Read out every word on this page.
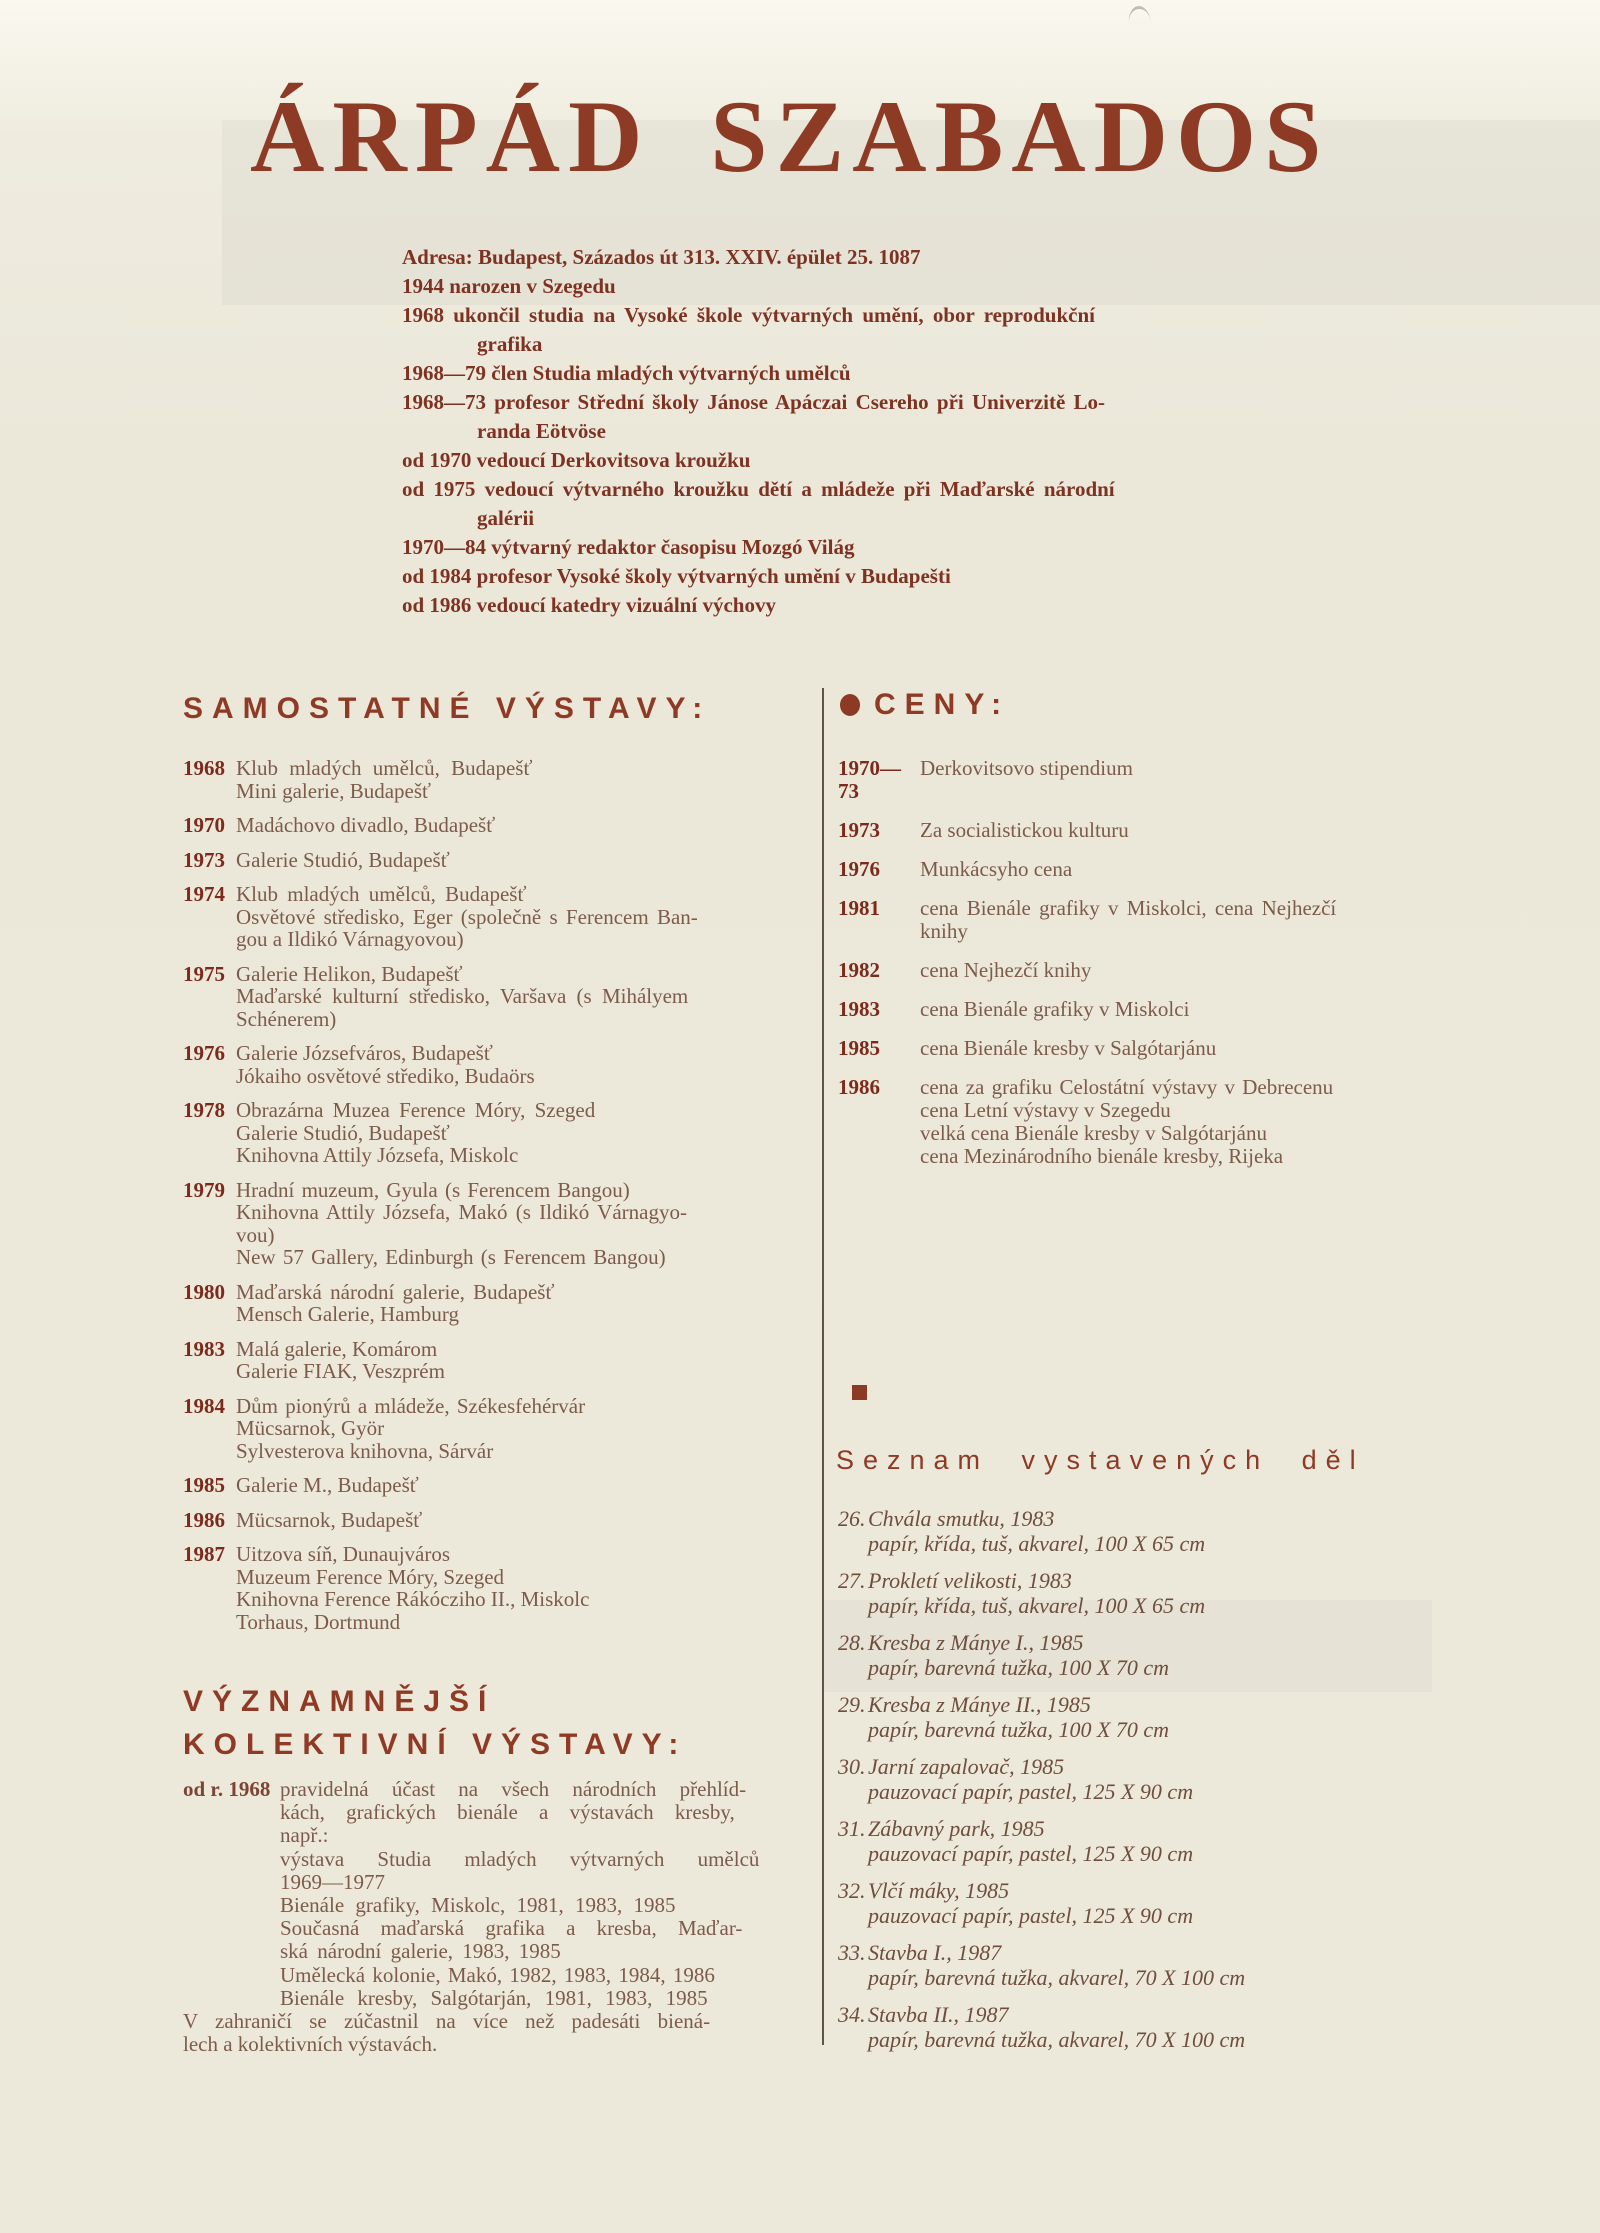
ÁRPÁD SZABADOS
Adresa: Budapest, Százados út 313. XXIV. épület 25. 1087
1944 narozen v Szegedu
1968 ukončil studia na Vysoké škole výtvarných umění, obor reprodukční
grafika
1968—79 člen Studia mladých výtvarných umělců
1968—73 profesor Střední školy Jánose Apáczai Csereho při Univerzitě Lo-
randa Eötvöse
od 1970 vedoucí Derkovitsova kroužku
od 1975 vedoucí výtvarného kroužku dětí a mládeže při Maďarské národní
galérii
1970—84 výtvarný redaktor časopisu Mozgó Világ
od 1984 profesor Vysoké školy výtvarných umění v Budapešti
od 1986 vedoucí katedry vizuální výchovy
SAMOSTATNÉ VÝSTAVY:
1968 Klub mladých umělců, Budapešť
Mini galerie, Budapešť
1970 Madáchovo divadlo, Budapešť
1973 Galerie Studió, Budapešť
1974 Klub mladých umělců, Budapešť
Osvětové středisko, Eger (společně s Ferencem Ban-
gou a Ildikó Várnagyovou)
1975 Galerie Helikon, Budapešť
Maďarské kulturní středisko, Varšava (s Mihályem
Schénerem)
1976 Galerie Józsefváros, Budapešť
Jókaiho osvětové střediko, Budaörs
1978 Obrazárna Muzea Ference Móry, Szeged
Galerie Studió, Budapešť
Knihovna Attily Józsefa, Miskolc
1979 Hradní muzeum, Gyula (s Ferencem Bangou)
Knihovna Attily Józsefa, Makó (s Ildikó Várnagyo-
vou)
New 57 Gallery, Edinburgh (s Ferencem Bangou)
1980 Maďarská národní galerie, Budapešť
Mensch Galerie, Hamburg
1983 Malá galerie, Komárom
Galerie FIAK, Veszprém
1984 Dům pionýrů a mládeže, Székesfehérvár
Mücsarnok, Györ
Sylvesterova knihovna, Sárvár
1985 Galerie M., Budapešť
1986 Mücsarnok, Budapešť
1987 Uitzova síň, Dunaujváros
Muzeum Ference Móry, Szeged
Knihovna Ference Rákócziho II., Miskolc
Torhaus, Dortmund
VÝZNAMNĚJŠÍ
KOLEKTIVNÍ VÝSTAVY:
od r. 1968 pravidelná účast na všech národních přehlíd-
kách, grafických bienále a výstavách kresby,
např.:
výstava Studia mladých výtvarných umělců
1969—1977
Bienále grafiky, Miskolc, 1981, 1983, 1985
Současná maďarská grafika a kresba, Maďar-
ská národní galerie, 1983, 1985
Umělecká kolonie, Makó, 1982, 1983, 1984, 1986
Bienále kresby, Salgótarján, 1981, 1983, 1985
V zahraničí se zúčastnil na více než padesáti biená-
lech a kolektivních výstavách.
CENY:
1970—73
Derkovitsovo stipendium
1973	Za socialistickou kulturu
1976	Munkácsyho cena
1981	cena Bienále grafiky v Miskolci, cena Nejhezčí
knihy
1982	cena Nejhezčí knihy
1983	cena Bienále grafiky v Miskolci
1985	cena Bienále kresby v Salgótarjánu
1986	cena za grafiku Celostátní výstavy v Debrecenu
cena Letní výstavy v Szegedu
velká cena Bienále kresby v Salgótarjánu
cena Mezinárodního bienále kresby, Rijeka
Seznam vystavených děl
26. Chvála smutku, 1983
papír, křída, tuš, akvarel, 100 X 65 cm
27. Prokletí velikosti, 1983
papír, křída, tuš, akvarel, 100 X 65 cm
28. Kresba z Mánye I., 1985
papír, barevná tužka, 100 X 70 cm
29. Kresba z Mánye II., 1985
papír, barevná tužka, 100 X 70 cm
30. Jarní zapalovač, 1985
pauzovací papír, pastel, 125 X 90 cm
31. Zábavný park, 1985
pauzovací papír, pastel, 125 X 90 cm
32. Vlčí máky, 1985
pauzovací papír, pastel, 125 X 90 cm
33. Stavba I., 1987
papír, barevná tužka, akvarel, 70 X 100 cm
34. Stavba II., 1987
papír, barevná tužka, akvarel, 70 X 100 cm
